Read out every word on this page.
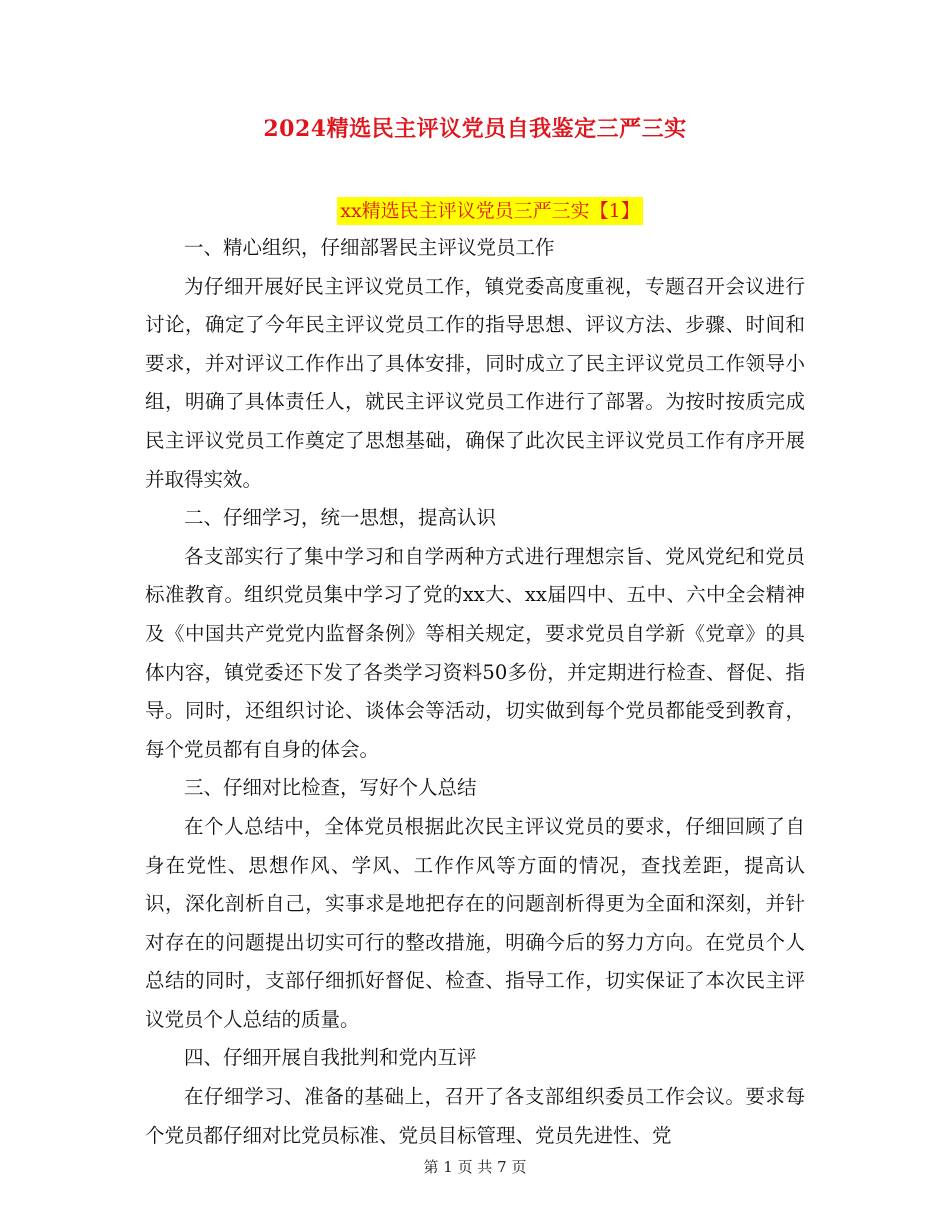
2024精选民主评议党员自我鉴定三严三实
xx精选民主评议党员三严三实【1】

一、精心组织，仔细部署民主评议党员工作

为仔细开展好民主评议党员工作，镇党委高度重视，专题召开会议进行讨论，确定了今年民主评议党员工作的指导思想、评议方法、步骤、时间和要求，并对评议工作作出了具体安排，同时成立了民主评议党员工作领导小组，明确了具体责任人，就民主评议党员工作进行了部署。为按时按质完成民主评议党员工作奠定了思想基础，确保了此次民主评议党员工作有序开展并取得实效。

二、仔细学习，统一思想，提高认识

各支部实行了集中学习和自学两种方式进行理想宗旨、党风党纪和党员标准教育。组织党员集中学习了党的xx大、xx届四中、五中、六中全会精神及《中国共产党党内监督条例》等相关规定，要求党员自学新《党章》的具体内容，镇党委还下发了各类学习资料50多份，并定期进行检查、督促、指导。同时，还组织讨论、谈体会等活动，切实做到每个党员都能受到教育，每个党员都有自身的体会。

三、仔细对比检查，写好个人总结

在个人总结中，全体党员根据此次民主评议党员的要求，仔细回顾了自身在党性、思想作风、学风、工作作风等方面的情况，查找差距，提高认识，深化剖析自己，实事求是地把存在的问题剖析得更为全面和深刻，并针对存在的问题提出切实可行的整改措施，明确今后的努力方向。在党员个人总结的同时，支部仔细抓好督促、检查、指导工作，切实保证了本次民主评议党员个人总结的质量。

四、仔细开展自我批判和党内互评

在仔细学习、准备的基础上，召开了各支部组织委员工作会议。要求每个党员都仔细对比党员标准、党员目标管理、党员先进性、党

第 1 页 共 7 页
